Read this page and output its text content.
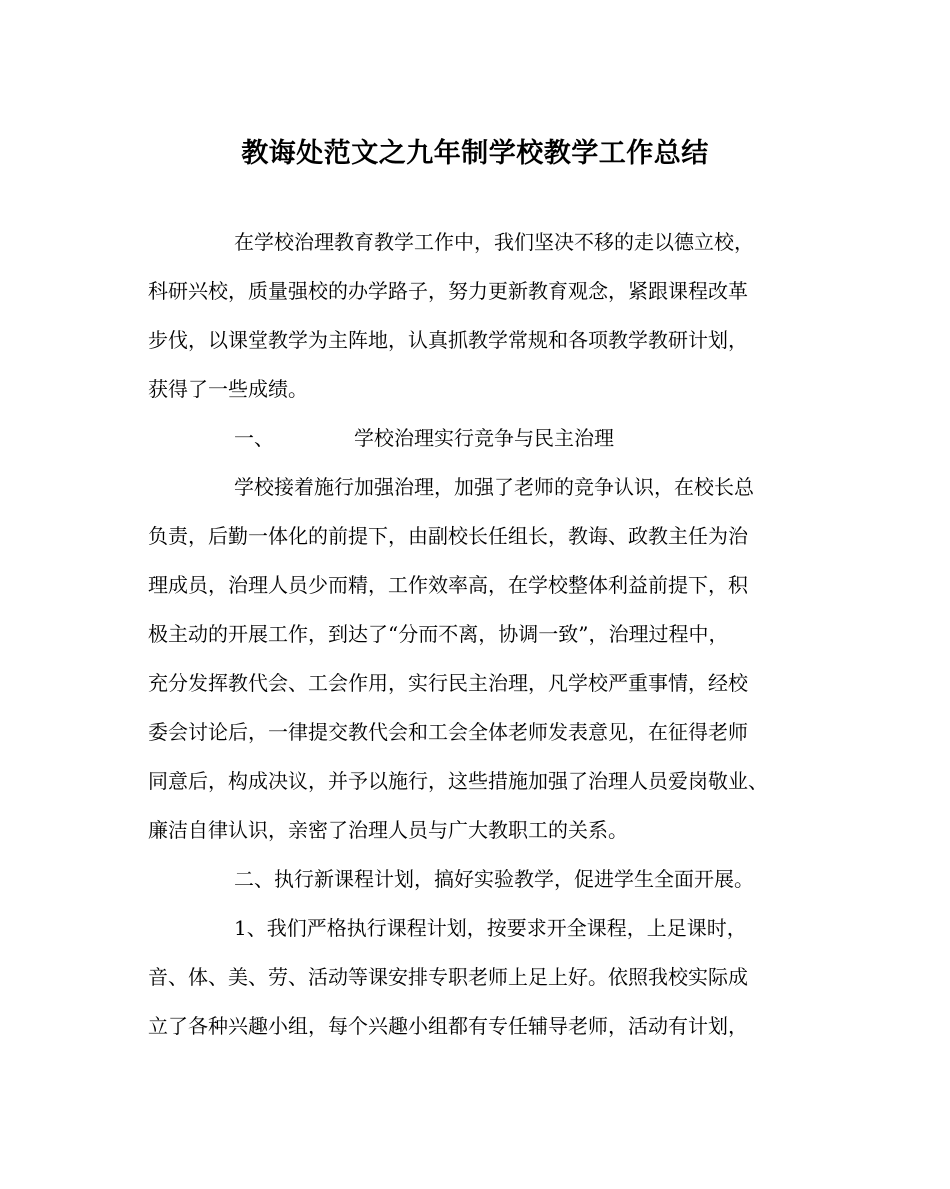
教诲处范文之九年制学校教学工作总结
在学校治理教育教学工作中，我们坚决不移的走以德立校，
科研兴校，质量强校的办学路子，努力更新教育观念，紧跟课程改革
步伐，以课堂教学为主阵地，认真抓教学常规和各项教学教研计划，
获得了一些成绩。
一、	学校治理实行竞争与民主治理
学校接着施行加强治理，加强了老师的竞争认识，在校长总
负责，后勤一体化的前提下，由副校长任组长，教诲、政教主任为治
理成员，治理人员少而精，工作效率高，在学校整体利益前提下，积
极主动的开展工作，到达了“分而不离，协调一致”，治理过程中，
充分发挥教代会、工会作用，实行民主治理，凡学校严重事情，经校
委会讨论后，一律提交教代会和工会全体老师发表意见，在征得老师
同意后，构成决议，并予以施行，这些措施加强了治理人员爱岗敬业、
廉洁自律认识，亲密了治理人员与广大教职工的关系。
二、执行新课程计划，搞好实验教学，促进学生全面开展。
1、我们严格执行课程计划，按要求开全课程，上足课时，
音、体、美、劳、活动等课安排专职老师上足上好。依照我校实际成
立了各种兴趣小组，每个兴趣小组都有专任辅导老师，活动有计划，
